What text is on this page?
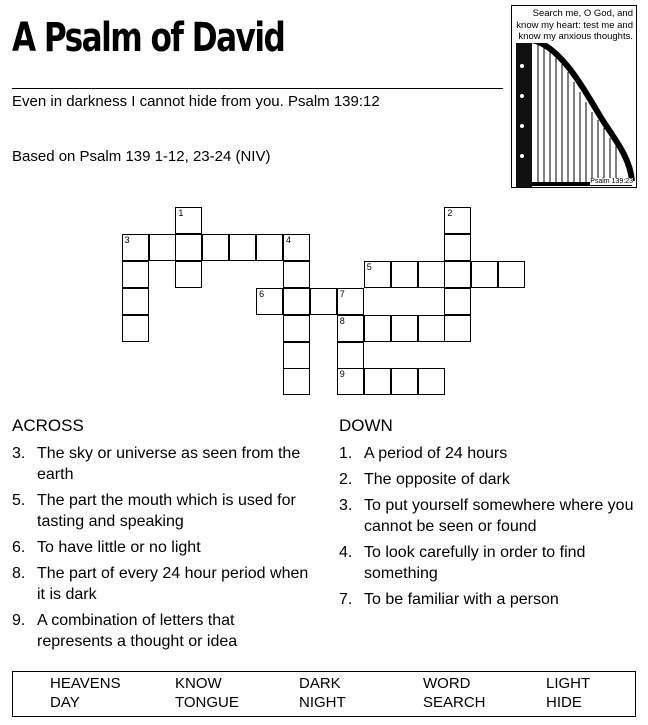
A Psalm of David
Even in darkness I cannot hide from you. Psalm 139:12
Based on Psalm 139 1-12, 23-24 (NIV)
Search me, O God, and know my heart: test me and know my anxious thoughts.
Psalm 139:23
1	2
3	4
5
6	7
8
9
ACROSS
3. The sky or universe as seen from the earth
5. The part the mouth which is used for tasting and speaking
6. To have little or no light
8. The part of every 24 hour period when it is dark
9. A combination of letters that represents a thought or idea
DOWN
1. A period of 24 hours
2. The opposite of dark
3. To put yourself somewhere where you cannot be seen or found
4. To look carefully in order to find something
7. To be familiar with a person
HEAVENS	KNOW	DARK	WORD	LIGHT
DAY	TONGUE	NIGHT	SEARCH	HIDE
